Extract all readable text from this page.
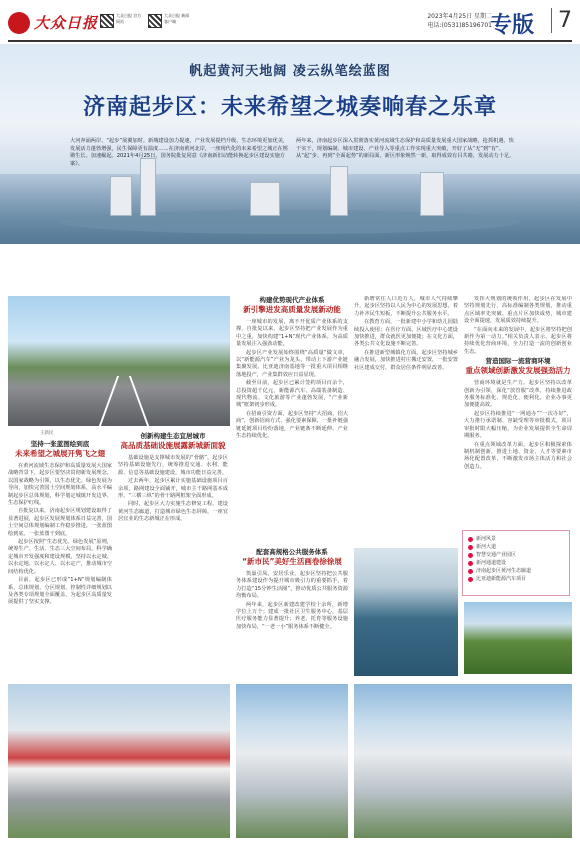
大众日报	大众日报 官方网站
大众日报 新闻客户端
2023年4月25日 星期二
电话:(0531)85196701
专版	7
帆起黄河天地阔 凌云纵笔绘蓝图
济南起步区：未来希望之城奏响春之乐章
大河奔涌两岸、“起步”展翼加时。新城建设加力提速，产业发展提档升级，生态环境更加优美，发展活力蓬勃增强，民生保障更有温度……在济南黄河北岸，一座现代化的未来希望之城正在铿锵生长。加速崛起。2021年4月25日，国务院批复同意《济南新旧动能转换起步区建设实施方案》。
两年来，济南起步区深入贯彻落实黄河流域生态保护和高质量发展重大国家战略，抢抓机遇、快干实干，规划编制、城市建设、产业导入等重点工作实现重大突破，开好了从“无”到“有”、从“起”步、再到“全面起势”的新局面，新区形象焕然一新，取得成效有目共睹，发展动力十足。
王新民
坚持一张蓝图绘到底
未来希望之城展开隽飞之翅
在黄河流域生态保护和高质量发展大国家战略背景下，起步区要坚决贯彻新发展理念，以国家战略为引领，以生态优先、绿色发展为导向，加快完善国土空间规划体系，高水平编制起步区总体规划，科学划定城镇开发边界、生态保护红线。
自批复以来，济南起步区规划建设取得了显著进展，起步区发展规划体系日益完善，国土空间总体规划编制工作稳步推进，一张蓝图绘到底、一张蓝图干到底。
起步区按照“生态优先、绿色发展”原则，统筹生产、生活、生态三大空间布局，科学确定城市开发强度和建设规模，坚持以水定城、以水定地、以水定人、以水定产，推动城市空间结构优化。
目前，起步区已形成“1+N”规划编制体系，总体规划、分区规划、控制性详细规划以及各类专项规划全面覆盖，为起步区高质量发展提供了坚实支撑。
创新构建生态宜居城市
高品质基础设施展露新城新面貌
基础设施是支撑城市发展的“骨骼”。起步区坚持基础设施先行，统筹推进交通、水利、能源、信息等基础设施建设，城市功能日益完善。
过去两年，起步区累计实施基础设施项目百余项，路网建设全面铺开，城市主干路网基本成形，“三横三纵”的骨干路网框架全面形成。
同时，起步区大力实施生态修复工程，建设黄河生态廊道，打造城市绿色生态屏障，一座宜居宜业的生态新城正在形成。
构建优势现代产业体系
新引擎进发高质量发展新动能
一座城市的发展，离不开优质产业体系的支撑。自批复以来，起步区坚持把产业发展作为重中之重，加快构建“1+N”现代产业体系，为高质量发展注入强劲动能。
起步区产业发展始终围绕“高质量”做文章，以“新能源汽车”产业为龙头，带动上下游产业链集聚发展。比亚迪济南基地等一批重大项目相继落地投产，产业集群效应日益显现。
截至目前，起步区已累计签约项目百余个，总投资超千亿元，新能源汽车、高端装备制造、现代物流、文化旅游等产业蓬勃发展，“产业新城”框架初步形成。
在招商引资方面，起步区坚持“大招商、招大商”，创新招商方式，强化要素保障，一批补链强链延链项目纷纷落地，产业链条不断延伸、产业生态持续优化。
新增常住人口近万人，城市人气持续攀升。起步区坚持以人民为中心的发展思想，着力补齐民生短板，不断提升公共服务水平。
在教育方面，一批新建中小学和幼儿园陆续投入使用；在医疗方面，区域医疗中心建设加快推进，群众就医更加便捷；在文化方面，各类公共文化设施不断完善。
在推进新型城镇化方面，起步区坚持城乡融合发展，加快推进村庄搬迁安置，一批安置社区建成交付，群众居住条件明显改善。
配套高规格公共服务体系
“新市民”美好生活画卷徐徐展
筑巢引凤，安居乐业。起步区坚持把公共服务体系建设作为提升城市吸引力的重要抓手，着力打造“15分钟生活圈”，推动优质公共服务资源均衡布局。
两年来，起步区新建改建学校十余所，新增学位上万个；建成一批社区卫生服务中心，基层医疗服务能力显著提升；养老、托育等服务设施加快布局，“一老一小”服务体系不断健全。
发挥大规划的统领作用，起步区在发展中坚持规划先行，高标准编制各类规划，推动重点区域率先突破、重点片区加快成势，城市建设全面提速，发展质效持续提升。
“在面向未来的发展中，起步区将坚持把创新作为第一动力。”相关负责人表示，起步区将持续优化营商环境，全力打造一流的创新创业生态。
营造国际一流营商环境
重点领域创新激发发展强劲活力
营商环境就是生产力。起步区坚持以改革创新为引领，深化“放管服”改革，持续推进政务服务标准化、规范化、便利化，企业办事更加便捷高效。
起步区持续推进“一网通办”“一次办好”，大力推行承诺制、容缺受理等审批模式，项目审批时限大幅压缩，为企业发展提供全生命周期服务。
在重点领域改革方面，起步区积极探索体制机制创新，推进土地、资金、人才等要素市场化配置改革，不断激发市场主体活力和社会创造力。
新河风景
新河大道
智慧交通产业园区
新河通道建设
济南起步区黄河生态廊道
比亚迪新能源汽车项目
